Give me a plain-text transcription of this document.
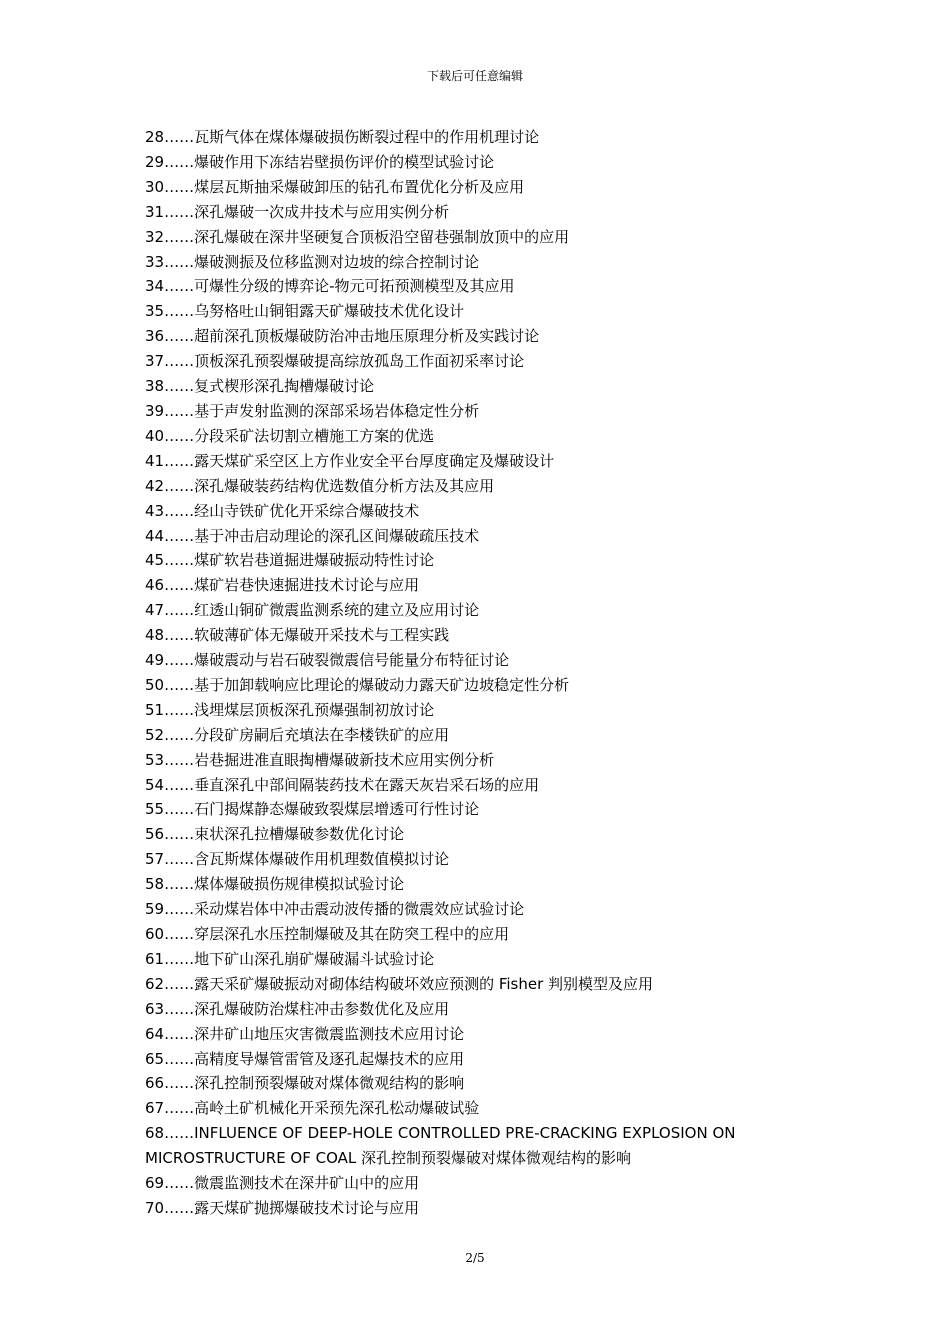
下载后可任意编辑
28……瓦斯气体在煤体爆破损伤断裂过程中的作用机理讨论
29……爆破作用下冻结岩壁损伤评价的模型试验讨论
30……煤层瓦斯抽采爆破卸压的钻孔布置优化分析及应用
31……深孔爆破一次成井技术与应用实例分析
32……深孔爆破在深井坚硬复合顶板沿空留巷强制放顶中的应用
33……爆破测振及位移监测对边坡的综合控制讨论
34……可爆性分级的博弈论-物元可拓预测模型及其应用
35……乌努格吐山铜钼露天矿爆破技术优化设计
36……超前深孔顶板爆破防治冲击地压原理分析及实践讨论
37……顶板深孔预裂爆破提高综放孤岛工作面初采率讨论
38……复式楔形深孔掏槽爆破讨论
39……基于声发射监测的深部采场岩体稳定性分析
40……分段采矿法切割立槽施工方案的优选
41……露天煤矿采空区上方作业安全平台厚度确定及爆破设计
42……深孔爆破装药结构优选数值分析方法及其应用
43……经山寺铁矿优化开采综合爆破技术
44……基于冲击启动理论的深孔区间爆破疏压技术
45……煤矿软岩巷道掘进爆破振动特性讨论
46……煤矿岩巷快速掘进技术讨论与应用
47……红透山铜矿微震监测系统的建立及应用讨论
48……软破薄矿体无爆破开采技术与工程实践
49……爆破震动与岩石破裂微震信号能量分布特征讨论
50……基于加卸载响应比理论的爆破动力露天矿边坡稳定性分析
51……浅埋煤层顶板深孔预爆强制初放讨论
52……分段矿房嗣后充填法在李楼铁矿的应用
53……岩巷掘进准直眼掏槽爆破新技术应用实例分析
54……垂直深孔中部间隔装药技术在露天灰岩采石场的应用
55……石门揭煤静态爆破致裂煤层增透可行性讨论
56……束状深孔拉槽爆破参数优化讨论
57……含瓦斯煤体爆破作用机理数值模拟讨论
58……煤体爆破损伤规律模拟试验讨论
59……采动煤岩体中冲击震动波传播的微震效应试验讨论
60……穿层深孔水压控制爆破及其在防突工程中的应用
61……地下矿山深孔崩矿爆破漏斗试验讨论
62……露天采矿爆破振动对砌体结构破坏效应预测的 Fisher 判别模型及应用
63……深孔爆破防治煤柱冲击参数优化及应用
64……深井矿山地压灾害微震监测技术应用讨论
65……高精度导爆管雷管及逐孔起爆技术的应用
66……深孔控制预裂爆破对煤体微观结构的影响
67……高岭土矿机械化开采预先深孔松动爆破试验
68……INFLUENCE OF DEEP-HOLE CONTROLLED PRE-CRACKING EXPLOSION ON MICROSTRUCTURE OF COAL 深孔控制预裂爆破对煤体微观结构的影响
69……微震监测技术在深井矿山中的应用
70……露天煤矿抛掷爆破技术讨论与应用
2/5
